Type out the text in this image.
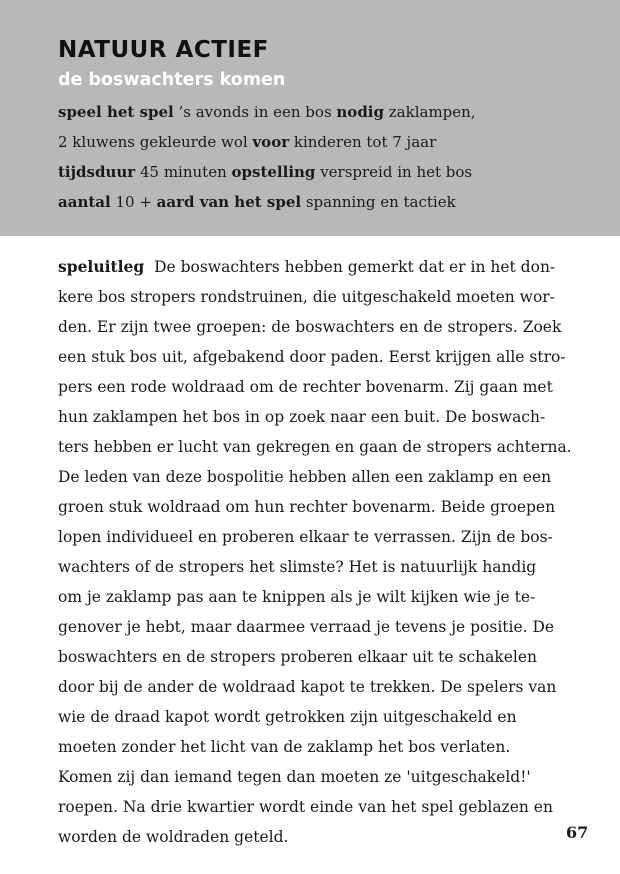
NATUUR ACTIEF
de boswachters komen
speel het spel ’s avonds in een bos nodig zaklampen,
2 kluwens gekleurde wol voor kinderen tot 7 jaar
tijdsduur 45 minuten opstelling verspreid in het bos
aantal 10 + aard van het spel spanning en tactiek
speluitleg  De boswachters hebben gemerkt dat er in het don-
kere bos stropers rondstruinen, die uitgeschakeld moeten wor-
den. Er zijn twee groepen: de boswachters en de stropers. Zoek
een stuk bos uit, afgebakend door paden. Eerst krijgen alle stro-
pers een rode woldraad om de rechter bovenarm. Zij gaan met
hun zaklampen het bos in op zoek naar een buit. De boswach-
ters hebben er lucht van gekregen en gaan de stropers achterna.
De leden van deze bospolitie hebben allen een zaklamp en een
groen stuk woldraad om hun rechter bovenarm. Beide groepen
lopen individueel en proberen elkaar te verrassen. Zijn de bos-
wachters of de stropers het slimste? Het is natuurlijk handig
om je zaklamp pas aan te knippen als je wilt kijken wie je te-
genover je hebt, maar daarmee verraad je tevens je positie. De
boswachters en de stropers proberen elkaar uit te schakelen
door bij de ander de woldraad kapot te trekken. De spelers van
wie de draad kapot wordt getrokken zijn uitgeschakeld en
moeten zonder het licht van de zaklamp het bos verlaten.
Komen zij dan iemand tegen dan moeten ze 'uitgeschakeld!'
roepen. Na drie kwartier wordt einde van het spel geblazen en
worden de woldraden geteld.	67
